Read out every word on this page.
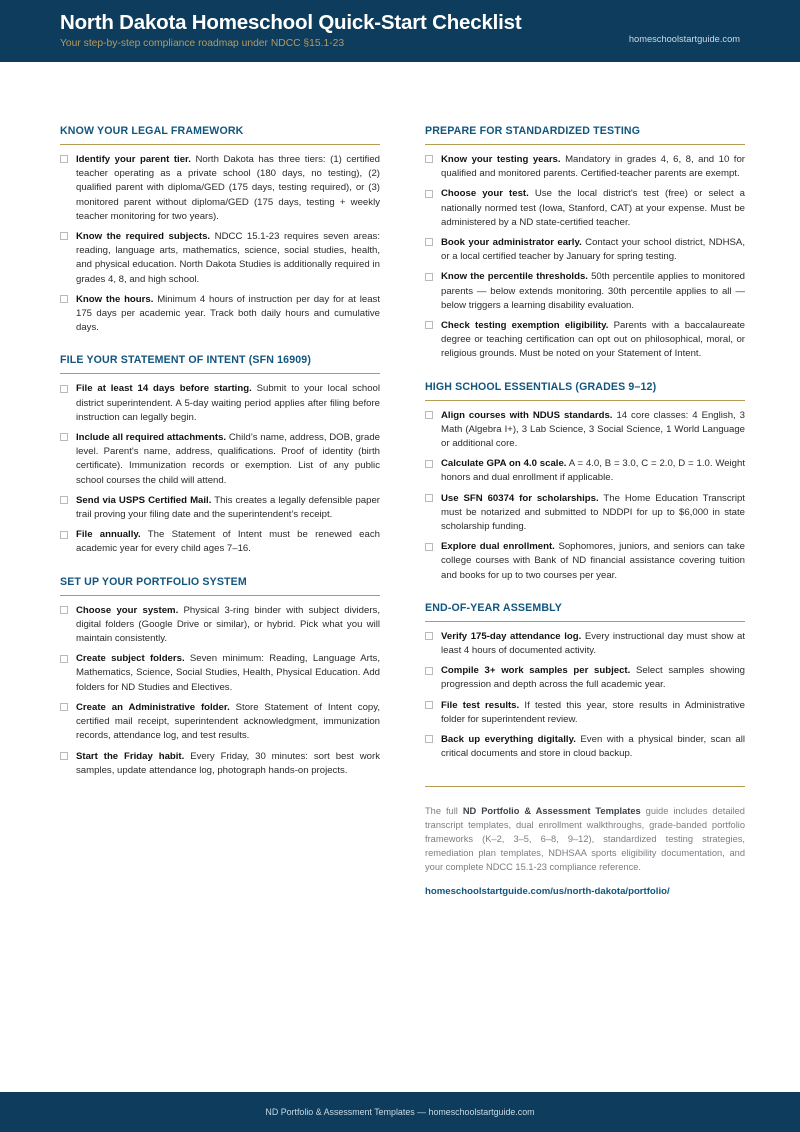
North Dakota Homeschool Quick-Start Checklist
Your step-by-step compliance roadmap under NDCC §15.1-23	homeschoolstartguide.com
KNOW YOUR LEGAL FRAMEWORK
Identify your parent tier. North Dakota has three tiers: (1) certified teacher operating as a private school (180 days, no testing), (2) qualified parent with diploma/GED (175 days, testing required), or (3) monitored parent without diploma/GED (175 days, testing + weekly teacher monitoring for two years).
Know the required subjects. NDCC 15.1-23 requires seven areas: reading, language arts, mathematics, science, social studies, health, and physical education. North Dakota Studies is additionally required in grades 4, 8, and high school.
Know the hours. Minimum 4 hours of instruction per day for at least 175 days per academic year. Track both daily hours and cumulative days.
FILE YOUR STATEMENT OF INTENT (SFN 16909)
File at least 14 days before starting. Submit to your local school district superintendent. A 5-day waiting period applies after filing before instruction can legally begin.
Include all required attachments. Child’s name, address, DOB, grade level. Parent's name, address, qualifications. Proof of identity (birth certificate). Immunization records or exemption. List of any public school courses the child will attend.
Send via USPS Certified Mail. This creates a legally defensible paper trail proving your filing date and the superintendent’s receipt.
File annually. The Statement of Intent must be renewed each academic year for every child ages 7–16.
SET UP YOUR PORTFOLIO SYSTEM
Choose your system. Physical 3-ring binder with subject dividers, digital folders (Google Drive or similar), or hybrid. Pick what you will maintain consistently.
Create subject folders. Seven minimum: Reading, Language Arts, Mathematics, Science, Social Studies, Health, Physical Education. Add folders for ND Studies and Electives.
Create an Administrative folder. Store Statement of Intent copy, certified mail receipt, superintendent acknowledgment, immunization records, attendance log, and test results.
Start the Friday habit. Every Friday, 30 minutes: sort best work samples, update attendance log, photograph hands-on projects.
PREPARE FOR STANDARDIZED TESTING
Know your testing years. Mandatory in grades 4, 6, 8, and 10 for qualified and monitored parents. Certified-teacher parents are exempt.
Choose your test. Use the local district's test (free) or select a nationally normed test (Iowa, Stanford, CAT) at your expense. Must be administered by a ND state-certified teacher.
Book your administrator early. Contact your school district, NDHSA, or a local certified teacher by January for spring testing.
Know the percentile thresholds. 50th percentile applies to monitored parents — below extends monitoring. 30th percentile applies to all — below triggers a learning disability evaluation.
Check testing exemption eligibility. Parents with a baccalaureate degree or teaching certification can opt out on philosophical, moral, or religious grounds. Must be noted on your Statement of Intent.
HIGH SCHOOL ESSENTIALS (GRADES 9–12)
Align courses with NDUS standards. 14 core classes: 4 English, 3 Math (Algebra I+), 3 Lab Science, 3 Social Science, 1 World Language or additional core.
Calculate GPA on 4.0 scale. A = 4.0, B = 3.0, C = 2.0, D = 1.0. Weight honors and dual enrollment if applicable.
Use SFN 60374 for scholarships. The Home Education Transcript must be notarized and submitted to NDDPI for up to $6,000 in state scholarship funding.
Explore dual enrollment. Sophomores, juniors, and seniors can take college courses with Bank of ND financial assistance covering tuition and books for up to two courses per year.
END-OF-YEAR ASSEMBLY
Verify 175-day attendance log. Every instructional day must show at least 4 hours of documented activity.
Compile 3+ work samples per subject. Select samples showing progression and depth across the full academic year.
File test results. If tested this year, store results in Administrative folder for superintendent review.
Back up everything digitally. Even with a physical binder, scan all critical documents and store in cloud backup.
The full ND Portfolio & Assessment Templates guide includes detailed transcript templates, dual enrollment walkthroughs, grade-banded portfolio frameworks (K–2, 3–5, 6–8, 9–12), standardized testing strategies, remediation plan templates, NDHSAA sports eligibility documentation, and your complete NDCC 15.1-23 compliance reference.
homeschoolstartguide.com/us/north-dakota/portfolio/
ND Portfolio & Assessment Templates — homeschoolstartguide.com
